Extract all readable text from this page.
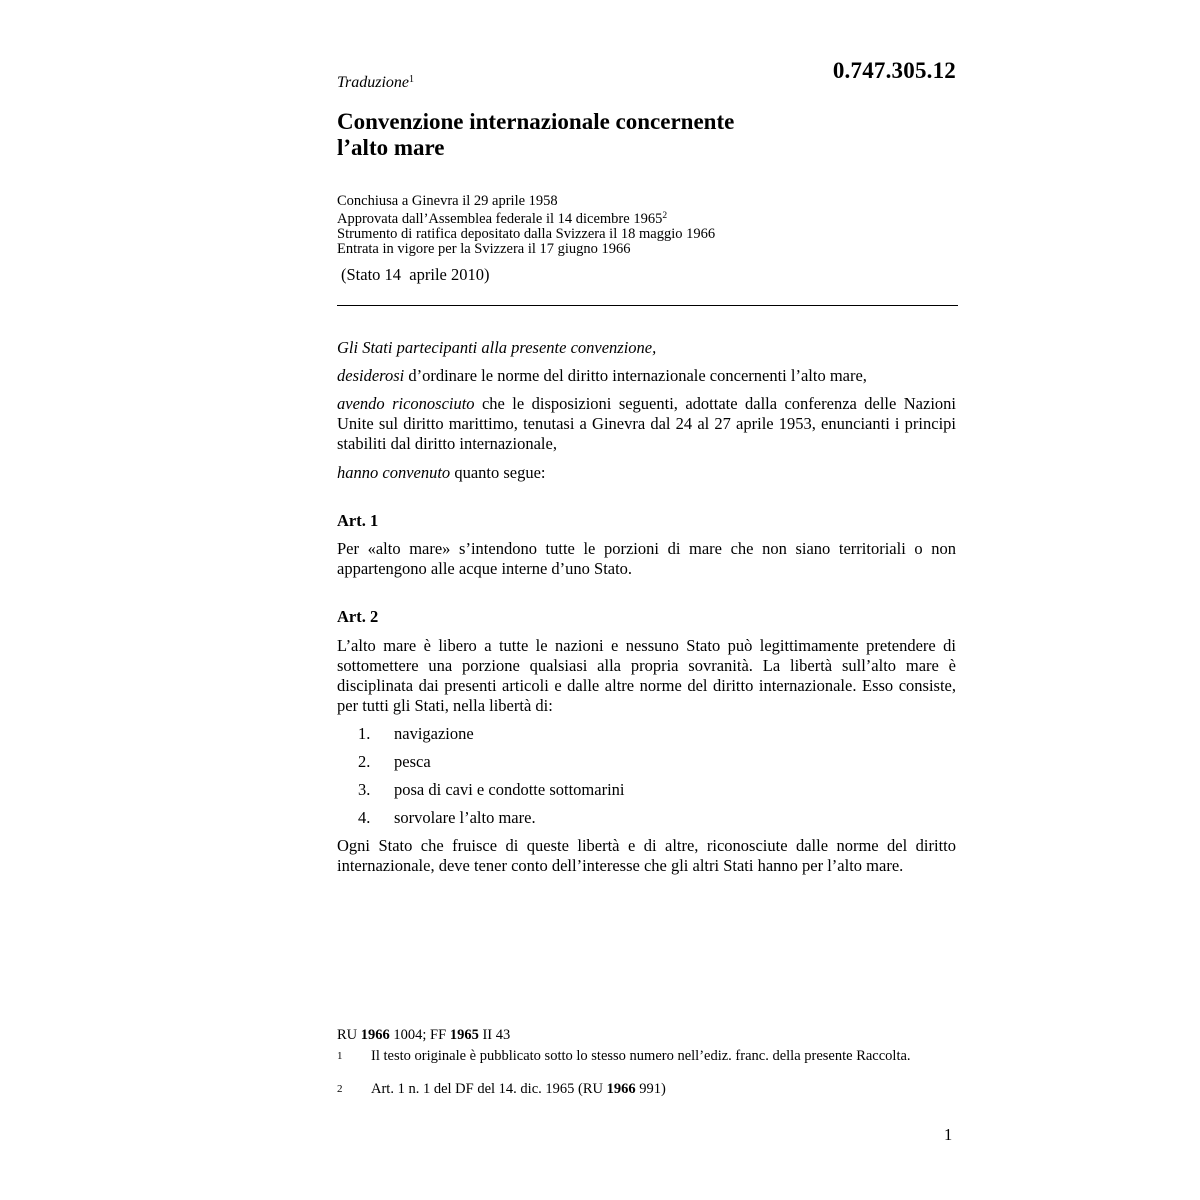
0.747.305.12
Traduzione$^1$
Convenzione internazionale concernente
l’alto mare
Conchiusa a Ginevra il 29 aprile 1958
Approvata dall’Assemblea federale il 14 dicembre 1965$^2$
Strumento di ratifica depositato dalla Svizzera il 18 maggio 1966
Entrata in vigore per la Svizzera il 17 giugno 1966
(Stato 14  aprile 2010)
Gli Stati partecipanti alla presente convenzione,
desiderosi d’ordinare le norme del diritto internazionale concernenti l’alto mare,
avendo riconosciuto che le disposizioni seguenti, adottate dalla conferenza delle Nazioni Unite sul diritto marittimo, tenutasi a Ginevra dal 24 al 27 aprile 1953, enuncianti i principi stabiliti dal diritto internazionale,
hanno convenuto quanto segue:
Art. 1
Per «alto mare» s’intendono tutte le porzioni di mare che non siano territoriali o non appartengono alle acque interne d’uno Stato.
Art. 2
L’alto mare è libero a tutte le nazioni e nessuno Stato può legittimamente pretendere di sottomettere una porzione qualsiasi alla propria sovranità. La libertà sull’alto mare è disciplinata dai presenti articoli e dalle altre norme del diritto internazionale. Esso consiste, per tutti gli Stati, nella libertà di:
1. navigazione
2. pesca
3. posa di cavi e condotte sottomarini
4. sorvolare l’alto mare.
Ogni Stato che fruisce di queste libertà e di altre, riconosciute dalle norme del diritto internazionale, deve tener conto dell’interesse che gli altri Stati hanno per l’alto mare.
RU 1966 1004; FF 1965 II 43
1 Il testo originale è pubblicato sotto lo stesso numero nell’ediz. franc. della presente Raccolta.
2 Art. 1 n. 1 del DF del 14. dic. 1965 (RU 1966 991)
1
